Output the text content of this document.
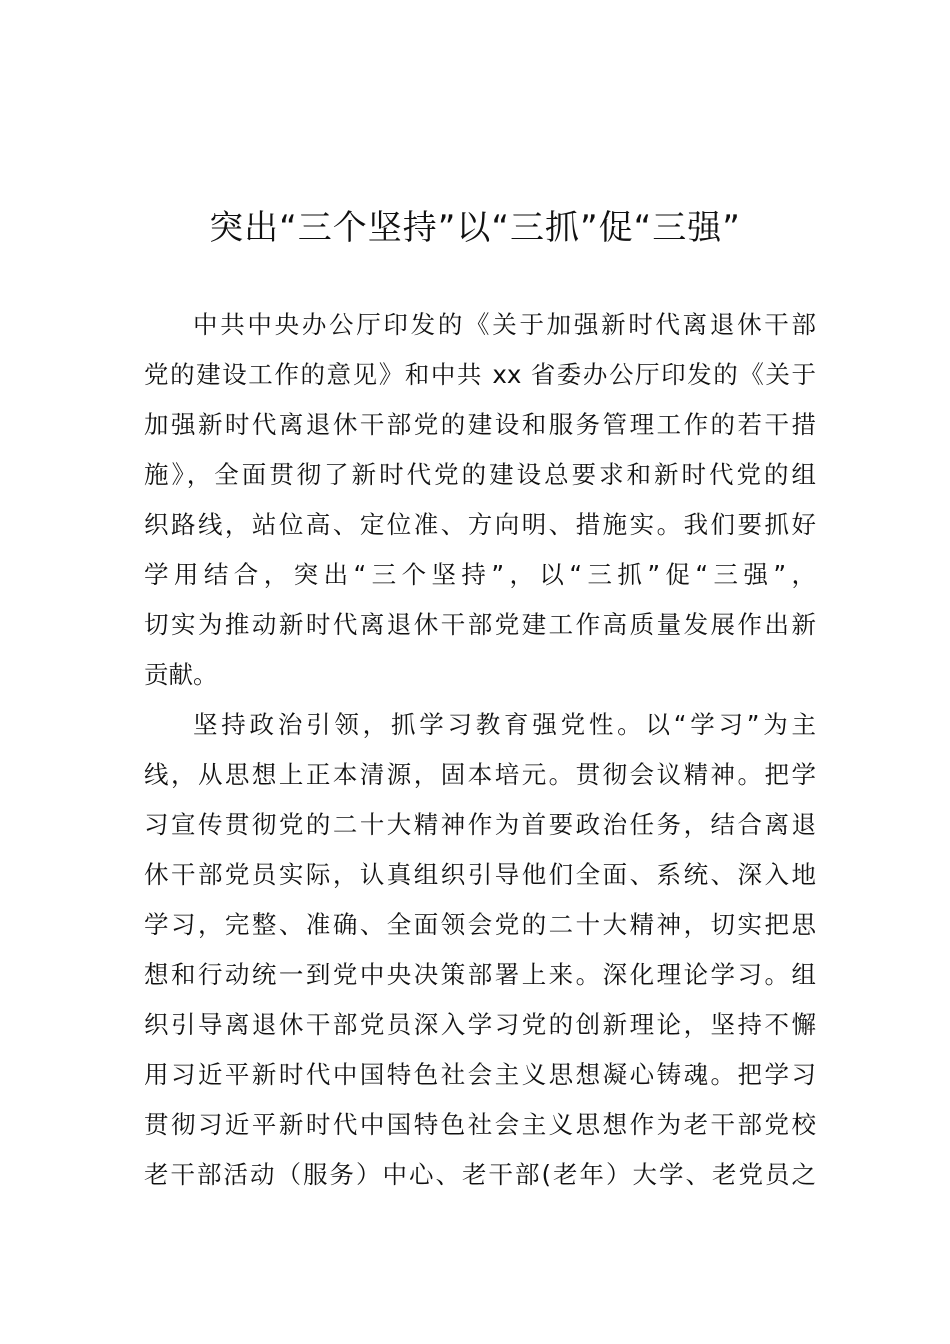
突出“三个坚持”以“三抓”促“三强”
中共中央办公厅印发的《关于加强新时代离退休干部
党的建设工作的意见》和中共 xx 省委办公厅印发的《关于
加强新时代离退休干部党的建设和服务管理工作的若干措
施》，全面贯彻了新时代党的建设总要求和新时代党的组
织路线，站位高、定位准、方向明、措施实。我们要抓好
学用结合，突出“三个坚持”，以“三抓”促“三强”，
切实为推动新时代离退休干部党建工作高质量发展作出新
贡献。
坚持政治引领，抓学习教育强党性。以“学习”为主
线，从思想上正本清源，固本培元。贯彻会议精神。把学
习宣传贯彻党的二十大精神作为首要政治任务，结合离退
休干部党员实际，认真组织引导他们全面、系统、深入地
学习，完整、准确、全面领会党的二十大精神，切实把思
想和行动统一到党中央决策部署上来。深化理论学习。组
织引导离退休干部党员深入学习党的创新理论，坚持不懈
用习近平新时代中国特色社会主义思想凝心铸魂。把学习
贯彻习近平新时代中国特色社会主义思想作为老干部党校
老干部活动（服务）中心、老干部(老年）大学、老党员之
